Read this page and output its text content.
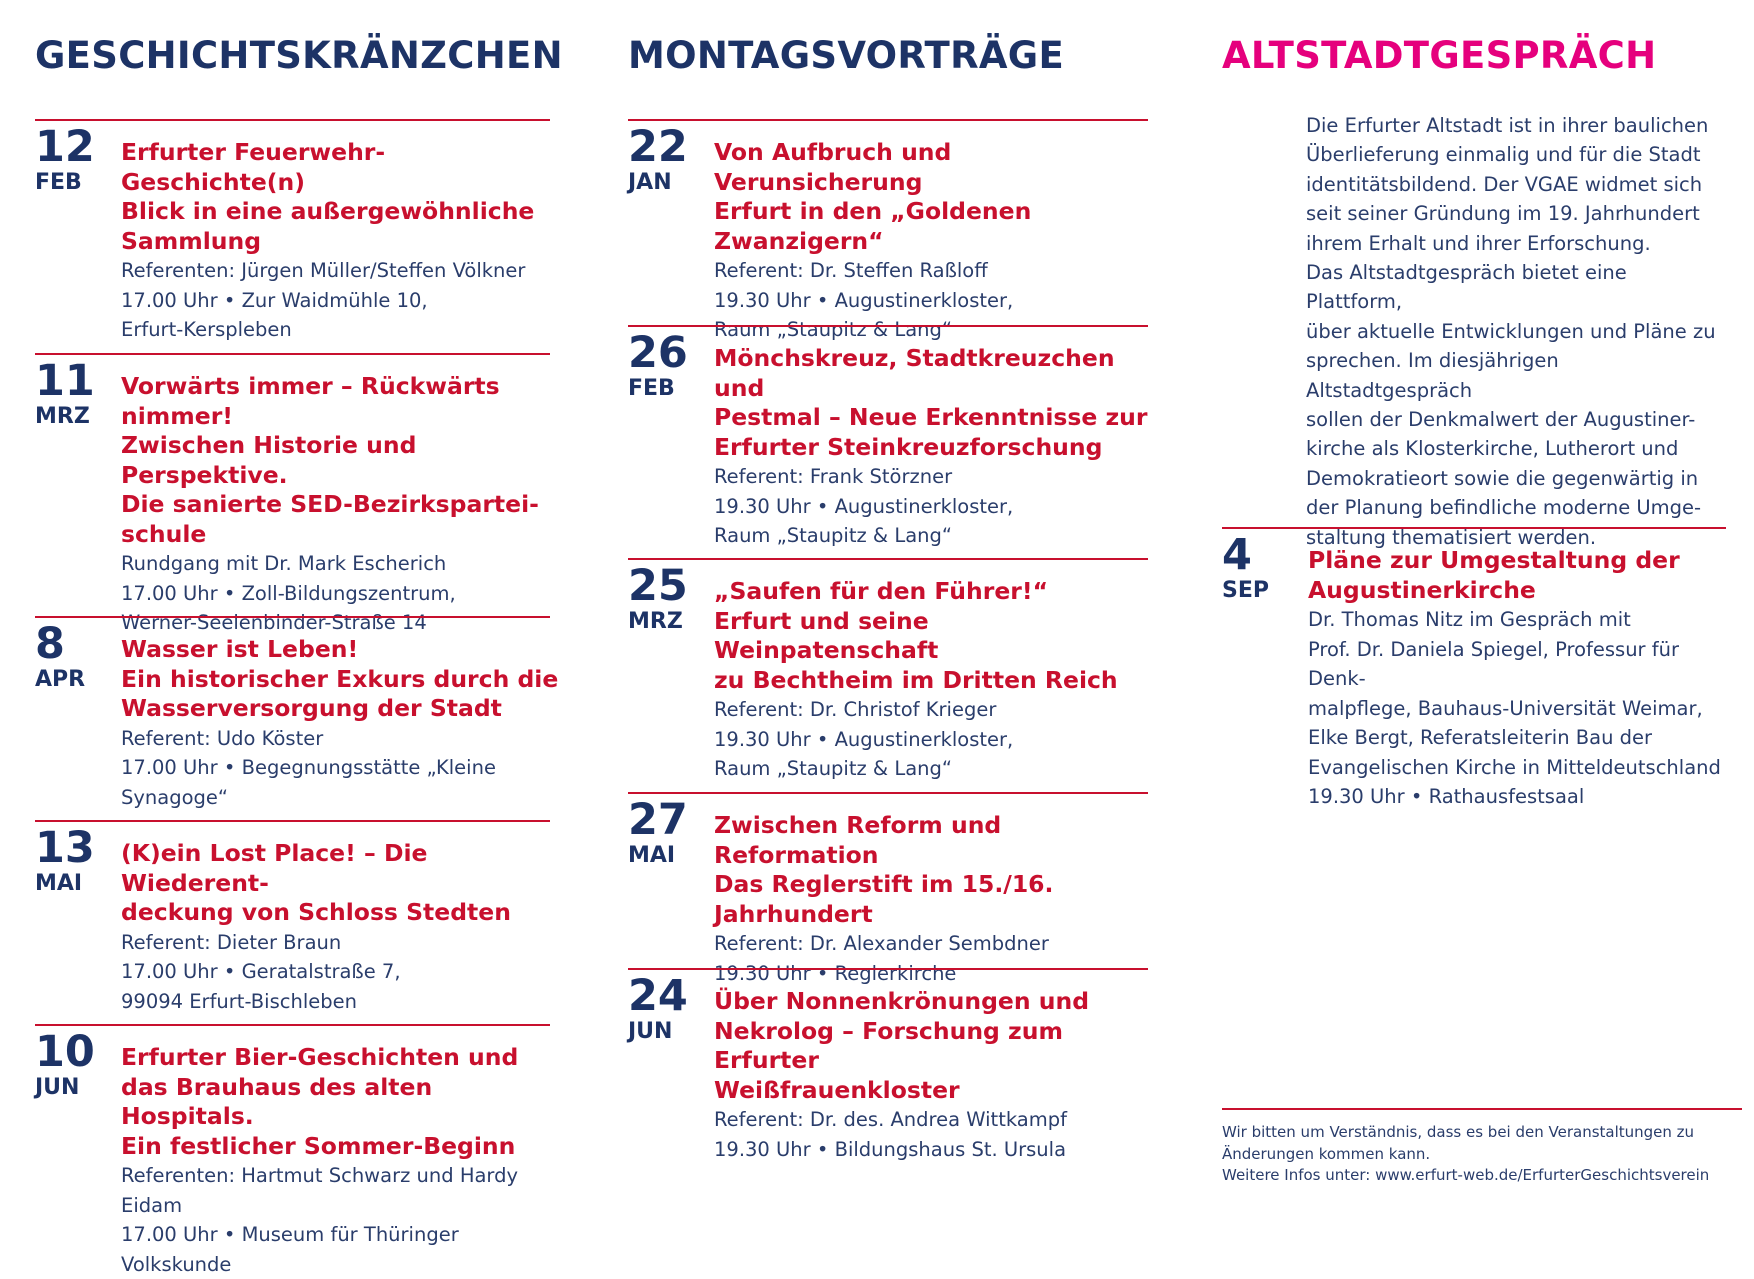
GESCHICHTSKRÄNZCHEN
12
FEB

Erfurter Feuerwehr-Geschichte(n)
Blick in eine außergewöhnliche
Sammlung

Referenten: Jürgen Müller/Steffen Völkner
17.00 Uhr • Zur Waidmühle 10,
Erfurt-Kerspleben

11
MRZ

Vorwärts immer – Rückwärts nimmer!
Zwischen Historie und Perspektive.
Die sanierte SED-Bezirkspartei-
schule

Rundgang mit Dr. Mark Escherich
17.00 Uhr • Zoll-Bildungszentrum,
Werner-Seelenbinder-Straße 14

8
APR

Wasser ist Leben!
Ein historischer Exkurs durch die
Wasserversorgung der Stadt

Referent: Udo Köster
17.00 Uhr • Begegnungsstätte „Kleine Synagoge“

13
MAI

(K)ein Lost Place! – Die Wiederent-
deckung von Schloss Stedten

Referent: Dieter Braun
17.00 Uhr • Geratalstraße 7,
99094 Erfurt-Bischleben

10
JUN

Erfurter Bier-Geschichten und
das Brauhaus des alten Hospitals.
Ein festlicher Sommer-Beginn

Referenten: Hartmut Schwarz und Hardy Eidam
17.00 Uhr • Museum für Thüringer Volkskunde

MONTAGSVORTRÄGE
22
JAN

Von Aufbruch und Verunsicherung
Erfurt in den „Goldenen Zwanzigern“

Referent: Dr. Steffen Raßloff
19.30 Uhr • Augustinerkloster,
Raum „Staupitz & Lang“

26
FEB

Mönchskreuz, Stadtkreuzchen und
Pestmal – Neue Erkenntnisse zur
Erfurter Steinkreuzforschung

Referent: Frank Störzner
19.30 Uhr • Augustinerkloster,
Raum „Staupitz & Lang“

25
MRZ

„Saufen für den Führer!“
Erfurt und seine Weinpatenschaft
zu Bechtheim im Dritten Reich

Referent: Dr. Christof Krieger
19.30 Uhr • Augustinerkloster,
Raum „Staupitz & Lang“

27
MAI

Zwischen Reform und Reformation
Das Reglerstift im 15./16. Jahrhundert

Referent: Dr. Alexander Sembdner
19.30 Uhr • Reglerkirche

24
JUN

Über Nonnenkrönungen und
Nekrolog – Forschung zum Erfurter
Weißfrauenkloster

Referent: Dr. des. Andrea Wittkampf
19.30 Uhr • Bildungshaus St. Ursula

ALTSTADTGESPRÄCH

Die Erfurter Altstadt ist in ihrer baulichen
Überlieferung einmalig und für die Stadt
identitätsbildend. Der VGAE widmet sich
seit seiner Gründung im 19. Jahrhundert
ihrem Erhalt und ihrer Erforschung.
Das Altstadtgespräch bietet eine Plattform,
über aktuelle Entwicklungen und Pläne zu
sprechen. Im diesjährigen Altstadtgespräch
sollen der Denkmalwert der Augustiner-
kirche als Klosterkirche, Lutherort und
Demokratieort sowie die gegenwärtig in
der Planung befindliche moderne Umge-
staltung thematisiert werden.

4
SEP

Pläne zur Umgestaltung der
Augustinerkirche

Dr. Thomas Nitz im Gespräch mit
Prof. Dr. Daniela Spiegel, Professur für Denk-
malpflege, Bauhaus-Universität Weimar,
Elke Bergt, Referatsleiterin Bau der
Evangelischen Kirche in Mitteldeutschland
19.30 Uhr • Rathausfestsaal

Wir bitten um Verständnis, dass es bei den Veranstaltungen zu
Änderungen kommen kann.
Weitere Infos unter: www.erfurt-web.de/ErfurterGeschichtsverein
